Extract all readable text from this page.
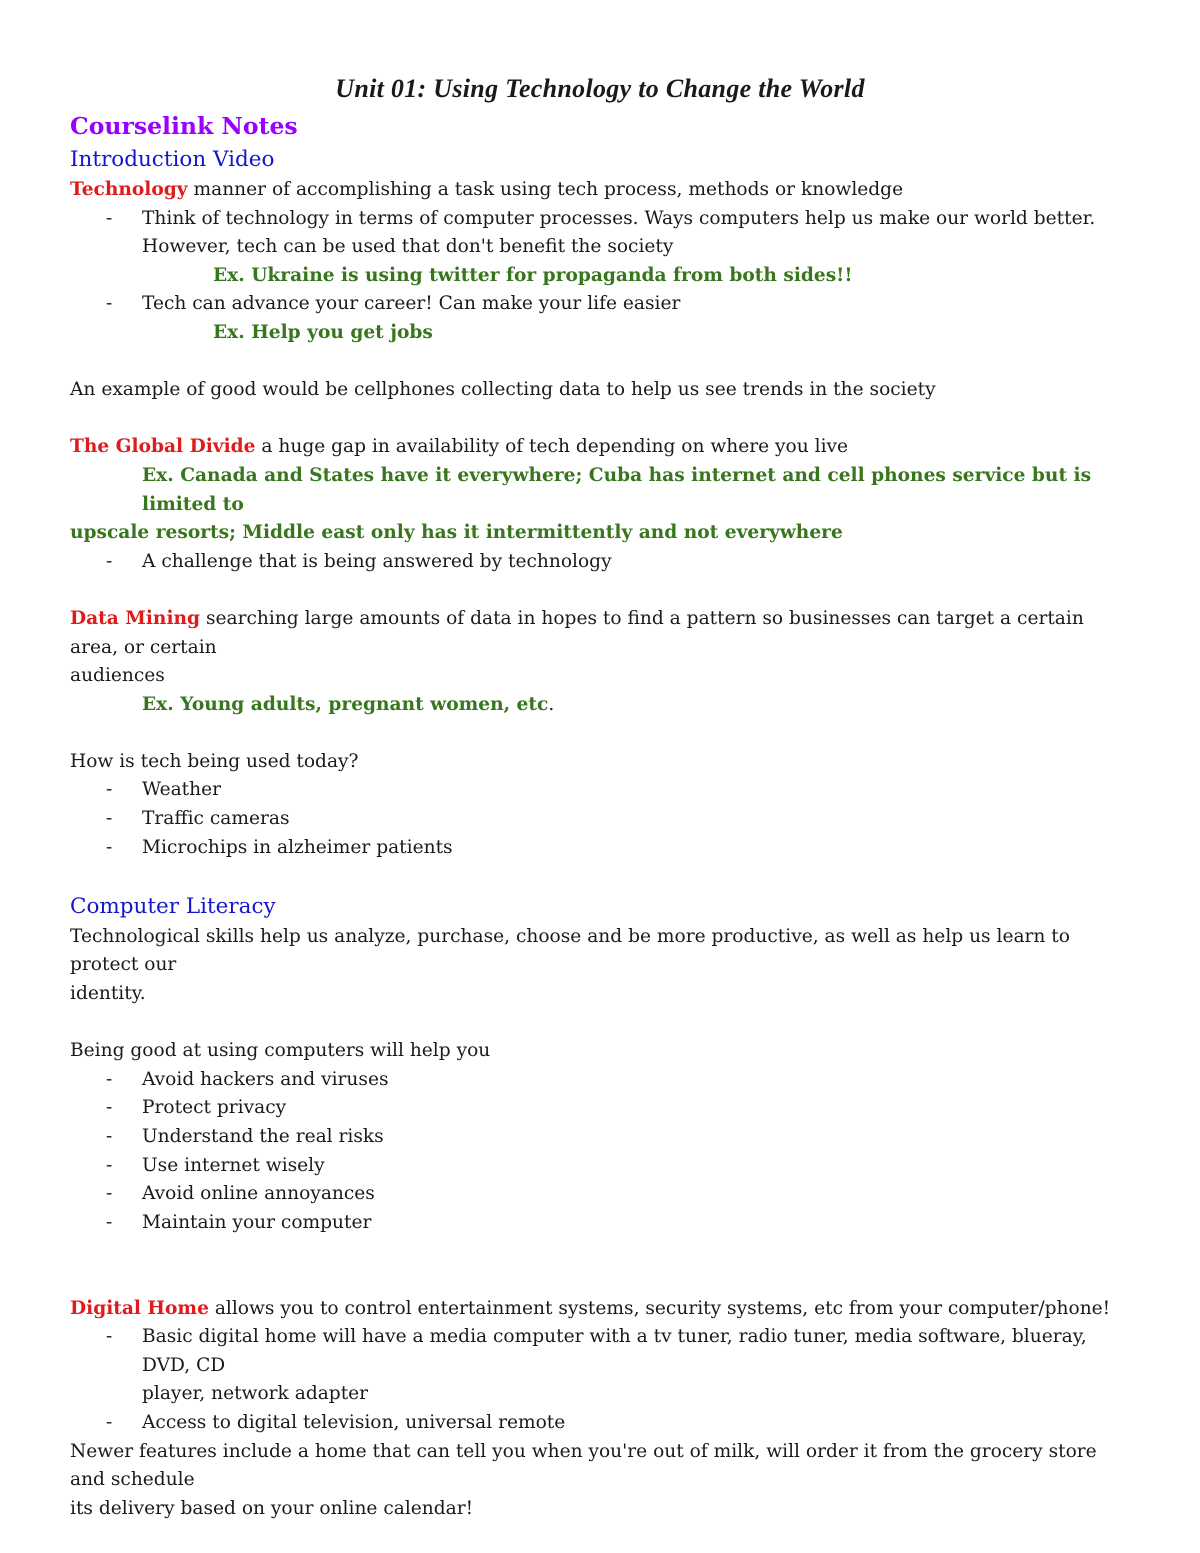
Unit 01: Using Technology to Change the World

Courselink Notes

Introduction Video

Technology manner of accomplishing a task using tech process, methods or knowledge

- Think of technology in terms of computer processes. Ways computers help us make our world better.
However, tech can be used that don't benefit the society

Ex. Ukraine is using twitter for propaganda from both sides!!

- Tech can advance your career! Can make your life easier

Ex. Help you get jobs

An example of good would be cellphones collecting data to help us see trends in the society

The Global Divide a huge gap in availability of tech depending on where you live

Ex. Canada and States have it everywhere; Cuba has internet and cell phones service but is limited to

upscale resorts; Middle east only has it intermittently and not everywhere

- A challenge that is being answered by technology

Data Mining searching large amounts of data in hopes to find a pattern so businesses can target a certain area, or certain

audiences

Ex. Young adults, pregnant women, etc.

How is tech being used today?

- Weather
- Traffic cameras
- Microchips in alzheimer patients

Computer Literacy

Technological skills help us analyze, purchase, choose and be more productive, as well as help us learn to protect our

identity.

Being good at using computers will help you

- Avoid hackers and viruses
- Protect privacy
- Understand the real risks
- Use internet wisely
- Avoid online annoyances
- Maintain your computer

Digital Home allows you to control entertainment systems, security systems, etc from your computer/phone!

- Basic digital home will have a media computer with a tv tuner, radio tuner, media software, blueray, DVD, CD
player, network adapter
- Access to digital television, universal remote

Newer features include a home that can tell you when you're out of milk, will order it from the grocery store and schedule

its delivery based on your online calendar!
